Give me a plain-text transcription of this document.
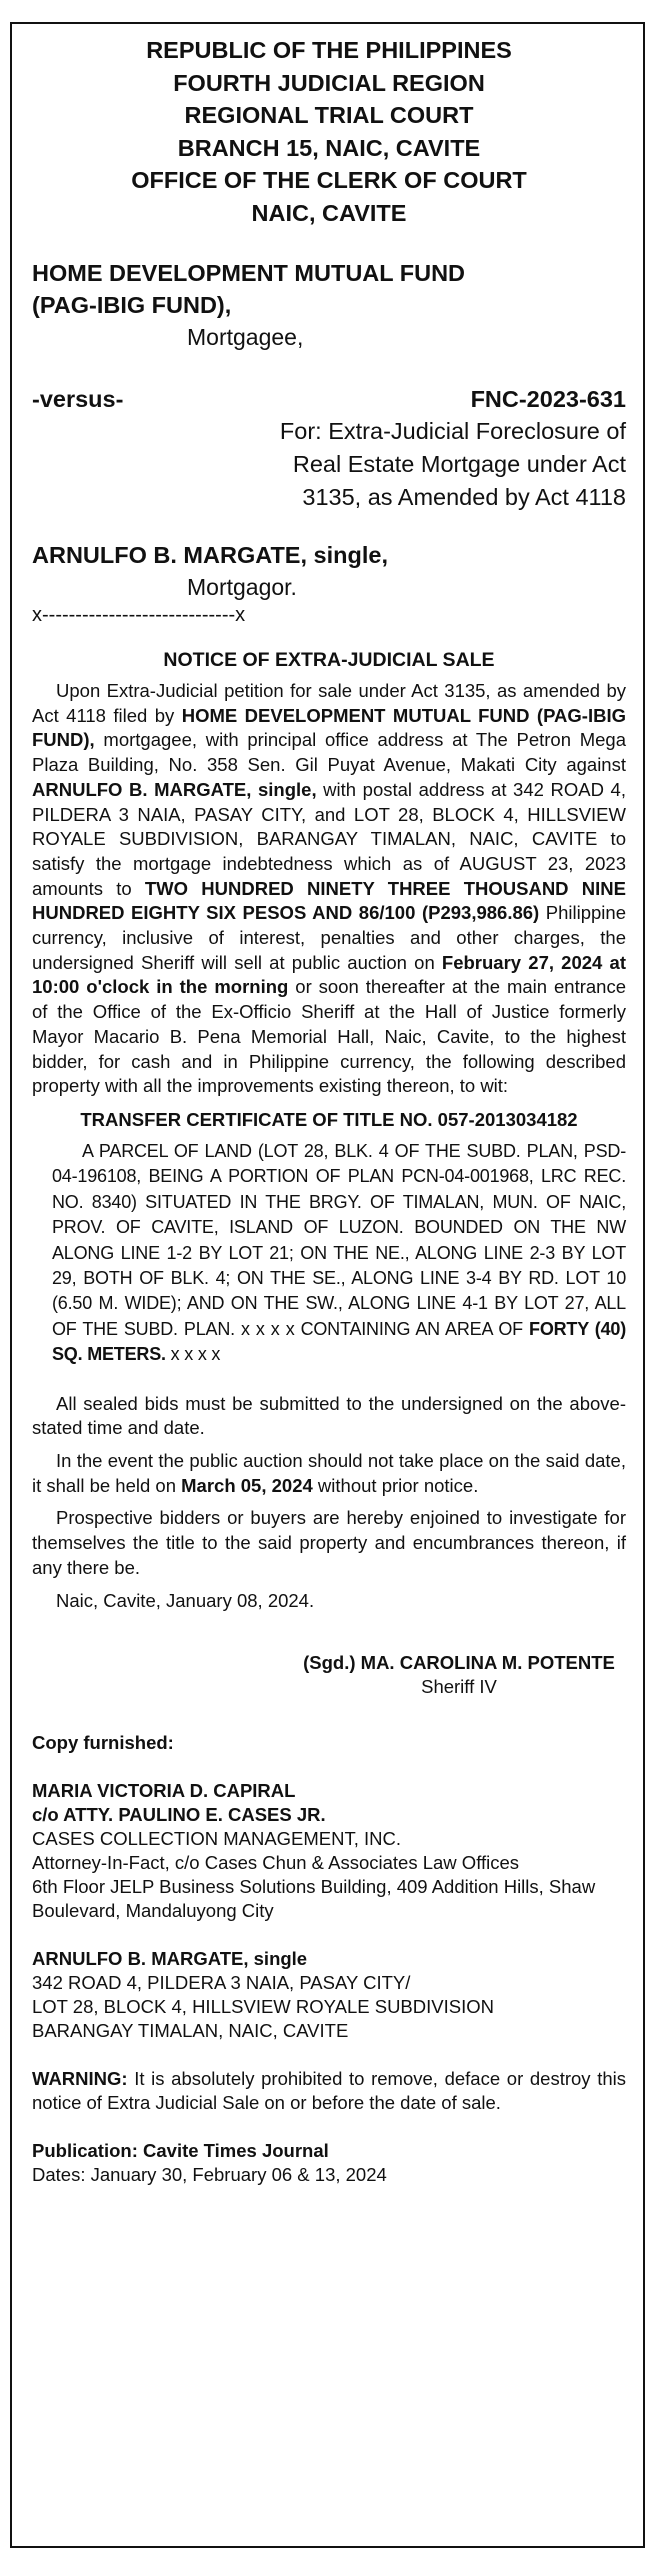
REPUBLIC OF THE PHILIPPINES

FOURTH JUDICIAL REGION

REGIONAL TRIAL COURT

BRANCH 15, NAIC, CAVITE

OFFICE OF THE CLERK OF COURT

NAIC, CAVITE

HOME DEVELOPMENT MUTUAL FUND

(PAG-IBIG FUND),

Mortgagee,

-versus-	FNC-2023-631

For: Extra-Judicial Foreclosure of

Real Estate Mortgage under Act

3135, as Amended by Act 4118

ARNULFO B. MARGATE, single,

Mortgagor.

x-----------------------------x

NOTICE OF EXTRA-JUDICIAL SALE

Upon Extra-Judicial petition for sale under Act 3135, as amended by Act 4118 filed by HOME DEVELOPMENT MUTUAL FUND (PAG-IBIG FUND), mortgagee, with principal office address at The Petron Mega Plaza Building, No. 358 Sen. Gil Puyat Avenue, Makati City against ARNULFO B. MARGATE, single, with postal address at 342 ROAD 4, PILDERA 3 NAIA, PASAY CITY, and LOT 28, BLOCK 4, HILLSVIEW ROYALE SUBDIVISION, BARANGAY TIMALAN, NAIC, CAVITE to satisfy the mortgage indebtedness which as of AUGUST 23, 2023 amounts to TWO HUNDRED NINETY THREE THOUSAND NINE HUNDRED EIGHTY SIX PESOS AND 86/100 (P293,986.86) Philippine currency, inclusive of interest, penalties and other charges, the undersigned Sheriff will sell at public auction on February 27, 2024 at 10:00 o'clock in the morning or soon thereafter at the main entrance of the Office of the Ex-Officio Sheriff at the Hall of Justice formerly Mayor Macario B. Pena Memorial Hall, Naic, Cavite, to the highest bidder, for cash and in Philippine currency, the following described property with all the improvements existing thereon, to wit:

TRANSFER CERTIFICATE OF TITLE NO. 057-2013034182

A PARCEL OF LAND (LOT 28, BLK. 4 OF THE SUBD. PLAN, PSD-04-196108, BEING A PORTION OF PLAN PCN-04-001968, LRC REC. NO. 8340) SITUATED IN THE BRGY. OF TIMALAN, MUN. OF NAIC, PROV. OF CAVITE, ISLAND OF LUZON. BOUNDED ON THE NW ALONG LINE 1-2 BY LOT 21; ON THE NE., ALONG LINE 2-3 BY LOT 29, BOTH OF BLK. 4; ON THE SE., ALONG LINE 3-4 BY RD. LOT 10 (6.50 M. WIDE); AND ON THE SW., ALONG LINE 4-1 BY LOT 27, ALL OF THE SUBD. PLAN. x x x x CONTAINING AN AREA OF FORTY (40) SQ. METERS. x x x x

All sealed bids must be submitted to the undersigned on the above-stated time and date.

In the event the public auction should not take place on the said date, it shall be held on March 05, 2024 without prior notice.

Prospective bidders or buyers are hereby enjoined to investigate for themselves the title to the said property and encumbrances thereon, if any there be.

Naic, Cavite, January 08, 2024.

(Sgd.) MA. CAROLINA M. POTENTE
Sheriff IV

Copy furnished:

MARIA VICTORIA D. CAPIRAL

c/o ATTY. PAULINO E. CASES JR.

CASES COLLECTION MANAGEMENT, INC.

Attorney-In-Fact, c/o Cases Chun & Associates Law Offices

6th Floor JELP Business Solutions Building, 409 Addition Hills, Shaw Boulevard, Mandaluyong City

ARNULFO B. MARGATE, single

342 ROAD 4, PILDERA 3 NAIA, PASAY CITY/

LOT 28, BLOCK 4, HILLSVIEW ROYALE SUBDIVISION

BARANGAY TIMALAN, NAIC, CAVITE

WARNING: It is absolutely prohibited to remove, deface or destroy this notice of Extra Judicial Sale on or before the date of sale.

Publication: Cavite Times Journal

Dates: January 30, February 06 & 13, 2024
